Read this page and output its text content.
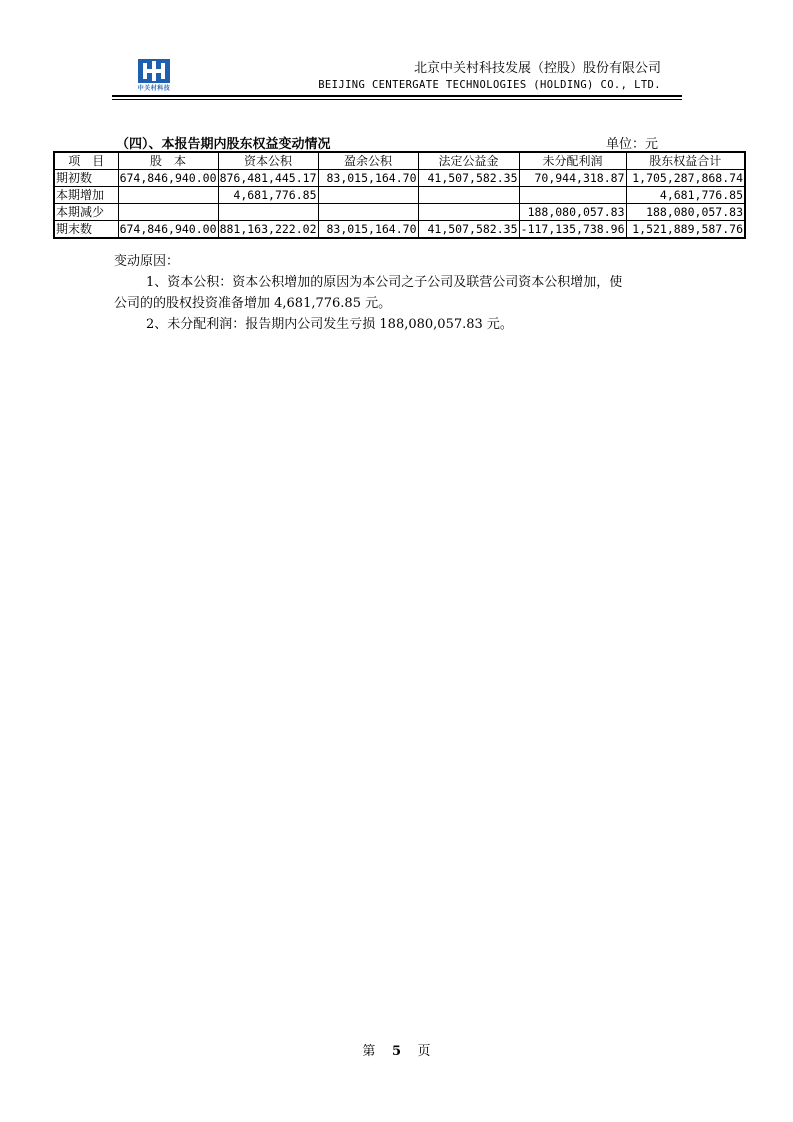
中关村科技
北京中关村科技发展（控股）股份有限公司
BEIJING CENTERGATE TECHNOLOGIES (HOLDING) CO., LTD.
（四）、本报告期内股东权益变动情况	单位：元
项　目	股　本	资本公积	盈余公积	法定公益金	未分配利润	股东权益合计
期初数	674,846,940.00	876,481,445.17	83,015,164.70	41,507,582.35	70,944,318.87	1,705,287,868.74
本期增加		4,681,776.85				4,681,776.85
本期减少					188,080,057.83	188,080,057.83
期末数	674,846,940.00	881,163,222.02	83,015,164.70	41,507,582.35	-117,135,738.96	1,521,889,587.76

变动原因：

1、资本公积：资本公积增加的原因为本公司之子公司及联营公司资本公积增加，使

公司的的股权投资准备增加 4,681,776.85 元。

2、未分配利润：报告期内公司发生亏损 188,080,057.83 元。

第 5 页
